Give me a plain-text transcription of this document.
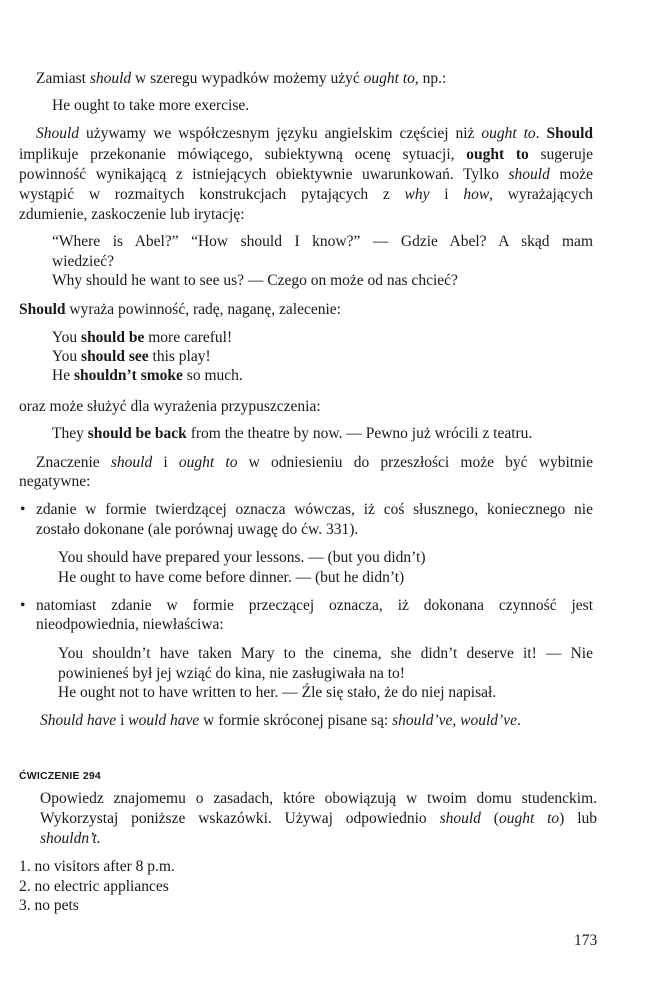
Zamiast should w szeregu wypadków możemy użyć ought to, np.:
He ought to take more exercise.
Should używamy we współczesnym języku angielskim częściej niż ought to. Should
implikuje przekonanie mówiącego, subiektywną ocenę sytuacji, ought to sugeruje
powinność wynikającą z istniejących obiektywnie uwarunkowań. Tylko should może
wystąpić w rozmaitych konstrukcjach pytających z why i how, wyrażających
zdumienie, zaskoczenie lub irytację:
“Where is Abel?” “How should I know?” — Gdzie Abel? A skąd mam
wiedzieć?
Why should he want to see us? — Czego on może od nas chcieć?
Should wyraża powinność, radę, naganę, zalecenie:
You should be more careful!
You should see this play!
He shouldn’t smoke so much.
oraz może służyć dla wyrażenia przypuszczenia:
They should be back from the theatre by now. — Pewno już wrócili z teatru.
Znaczenie should i ought to w odniesieniu do przeszłości może być wybitnie
negatywne:
• zdanie w formie twierdzącej oznacza wówczas, iż coś słusznego, koniecznego nie
zostało dokonane (ale porównaj uwagę do ćw. 331).
You should have prepared your lessons. — (but you didn’t)
He ought to have come before dinner. — (but he didn’t)
• natomiast zdanie w formie przeczącej oznacza, iż dokonana czynność jest
nieodpowiednia, niewłaściwa:
You shouldn’t have taken Mary to the cinema, she didn’t deserve it! — Nie
powinieneś był jej wziąć do kina, nie zasługiwała na to!
He ought not to have written to her. — Źle się stało, że do niej napisał.
Should have i would have w formie skróconej pisane są: should’ve, would’ve.
ĆWICZENIE 294
Opowiedz znajomemu o zasadach, które obowiązują w twoim domu studenckim.
Wykorzystaj poniższe wskazówki. Używaj odpowiednio should (ought to) lub
shouldn’t.
1. no visitors after 8 p.m.
2. no electric appliances
3. no pets
173
